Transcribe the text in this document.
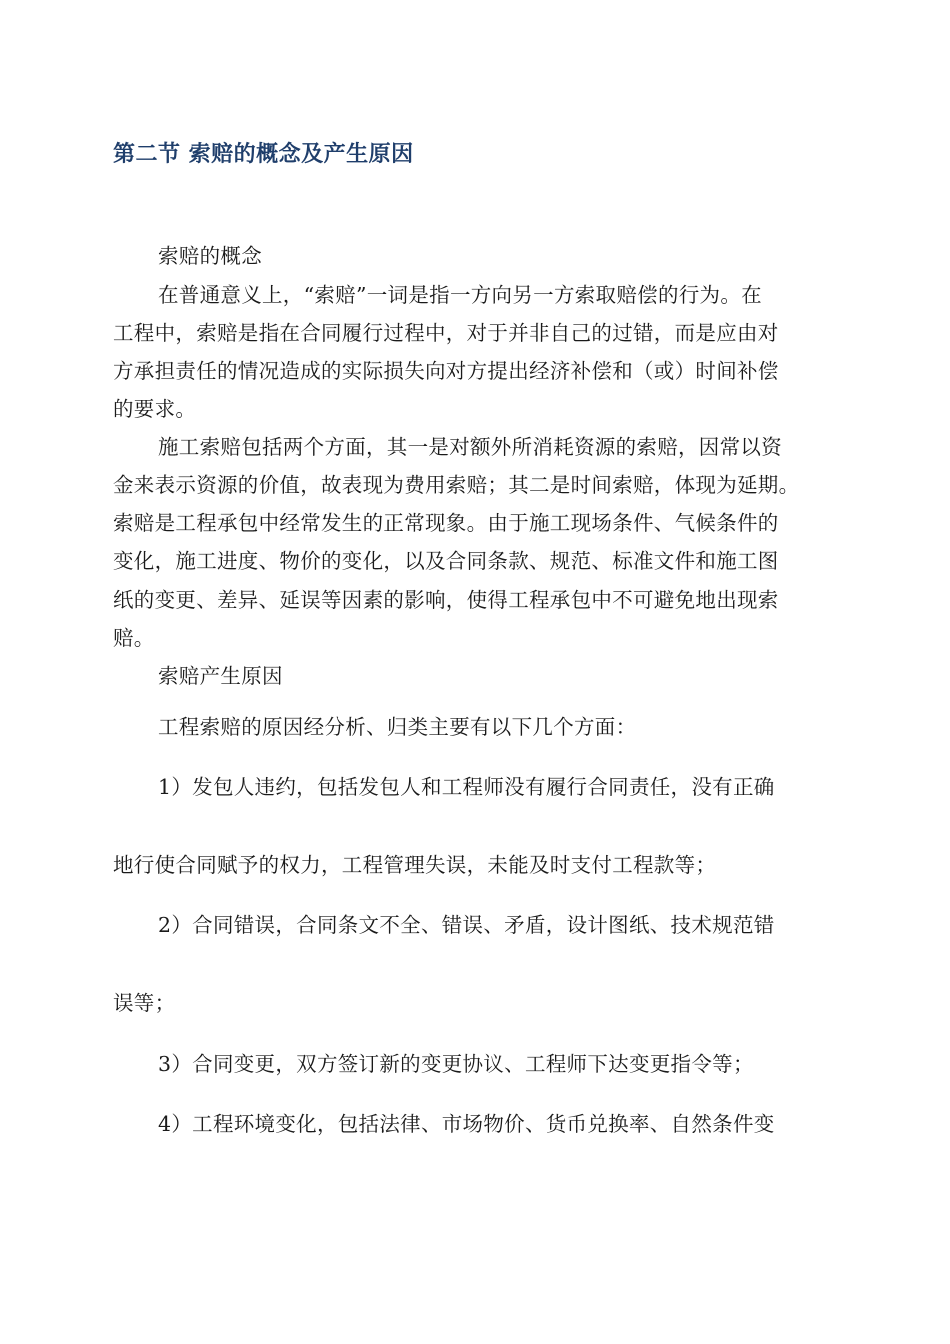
第二节 索赔的概念及产生原因
索赔的概念
在普通意义上，“索赔”一词是指一方向另一方索取赔偿的行为。在
工程中，索赔是指在合同履行过程中，对于并非自己的过错，而是应由对
方承担责任的情况造成的实际损失向对方提出经济补偿和（或）时间补偿
的要求。
施工索赔包括两个方面，其一是对额外所消耗资源的索赔，因常以资
金来表示资源的价值，故表现为费用索赔；其二是时间索赔，体现为延期。
索赔是工程承包中经常发生的正常现象。由于施工现场条件、气候条件的
变化，施工进度、物价的变化，以及合同条款、规范、标准文件和施工图
纸的变更、差异、延误等因素的影响，使得工程承包中不可避免地出现索
赔。
索赔产生原因
工程索赔的原因经分析、归类主要有以下几个方面：
1）发包人违约，包括发包人和工程师没有履行合同责任，没有正确
地行使合同赋予的权力，工程管理失误，未能及时支付工程款等；
2）合同错误，合同条文不全、错误、矛盾，设计图纸、技术规范错
误等；
3）合同变更，双方签订新的变更协议、工程师下达变更指令等；
4）工程环境变化，包括法律、市场物价、货币兑换率、自然条件变
